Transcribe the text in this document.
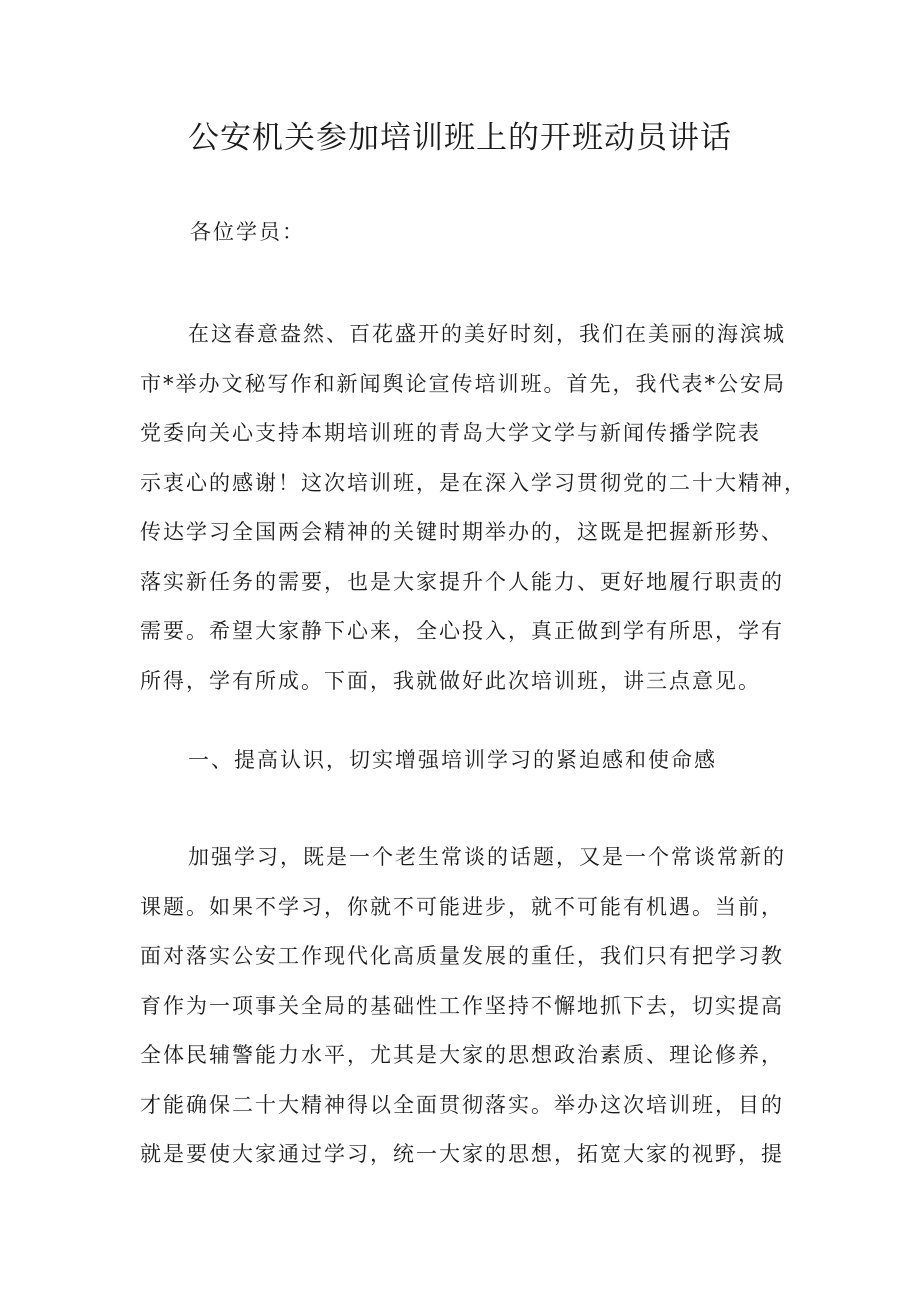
公安机关参加培训班上的开班动员讲话

各位学员：

在这春意盎然、百花盛开的美好时刻，我们在美丽的海滨城
市*举办文秘写作和新闻舆论宣传培训班。首先，我代表*公安局
党委向关心支持本期培训班的青岛大学文学与新闻传播学院表
示衷心的感谢！这次培训班，是在深入学习贯彻党的二十大精神，
传达学习全国两会精神的关键时期举办的，这既是把握新形势、
落实新任务的需要，也是大家提升个人能力、更好地履行职责的
需要。希望大家静下心来，全心投入，真正做到学有所思，学有
所得，学有所成。下面，我就做好此次培训班，讲三点意见。
一、提高认识，切实增强培训学习的紧迫感和使命感
加强学习，既是一个老生常谈的话题，又是一个常谈常新的
课题。如果不学习，你就不可能进步，就不可能有机遇。当前，
面对落实公安工作现代化高质量发展的重任，我们只有把学习教
育作为一项事关全局的基础性工作坚持不懈地抓下去，切实提高
全体民辅警能力水平，尤其是大家的思想政治素质、理论修养，
才能确保二十大精神得以全面贯彻落实。举办这次培训班，目的
就是要使大家通过学习，统一大家的思想，拓宽大家的视野，提
